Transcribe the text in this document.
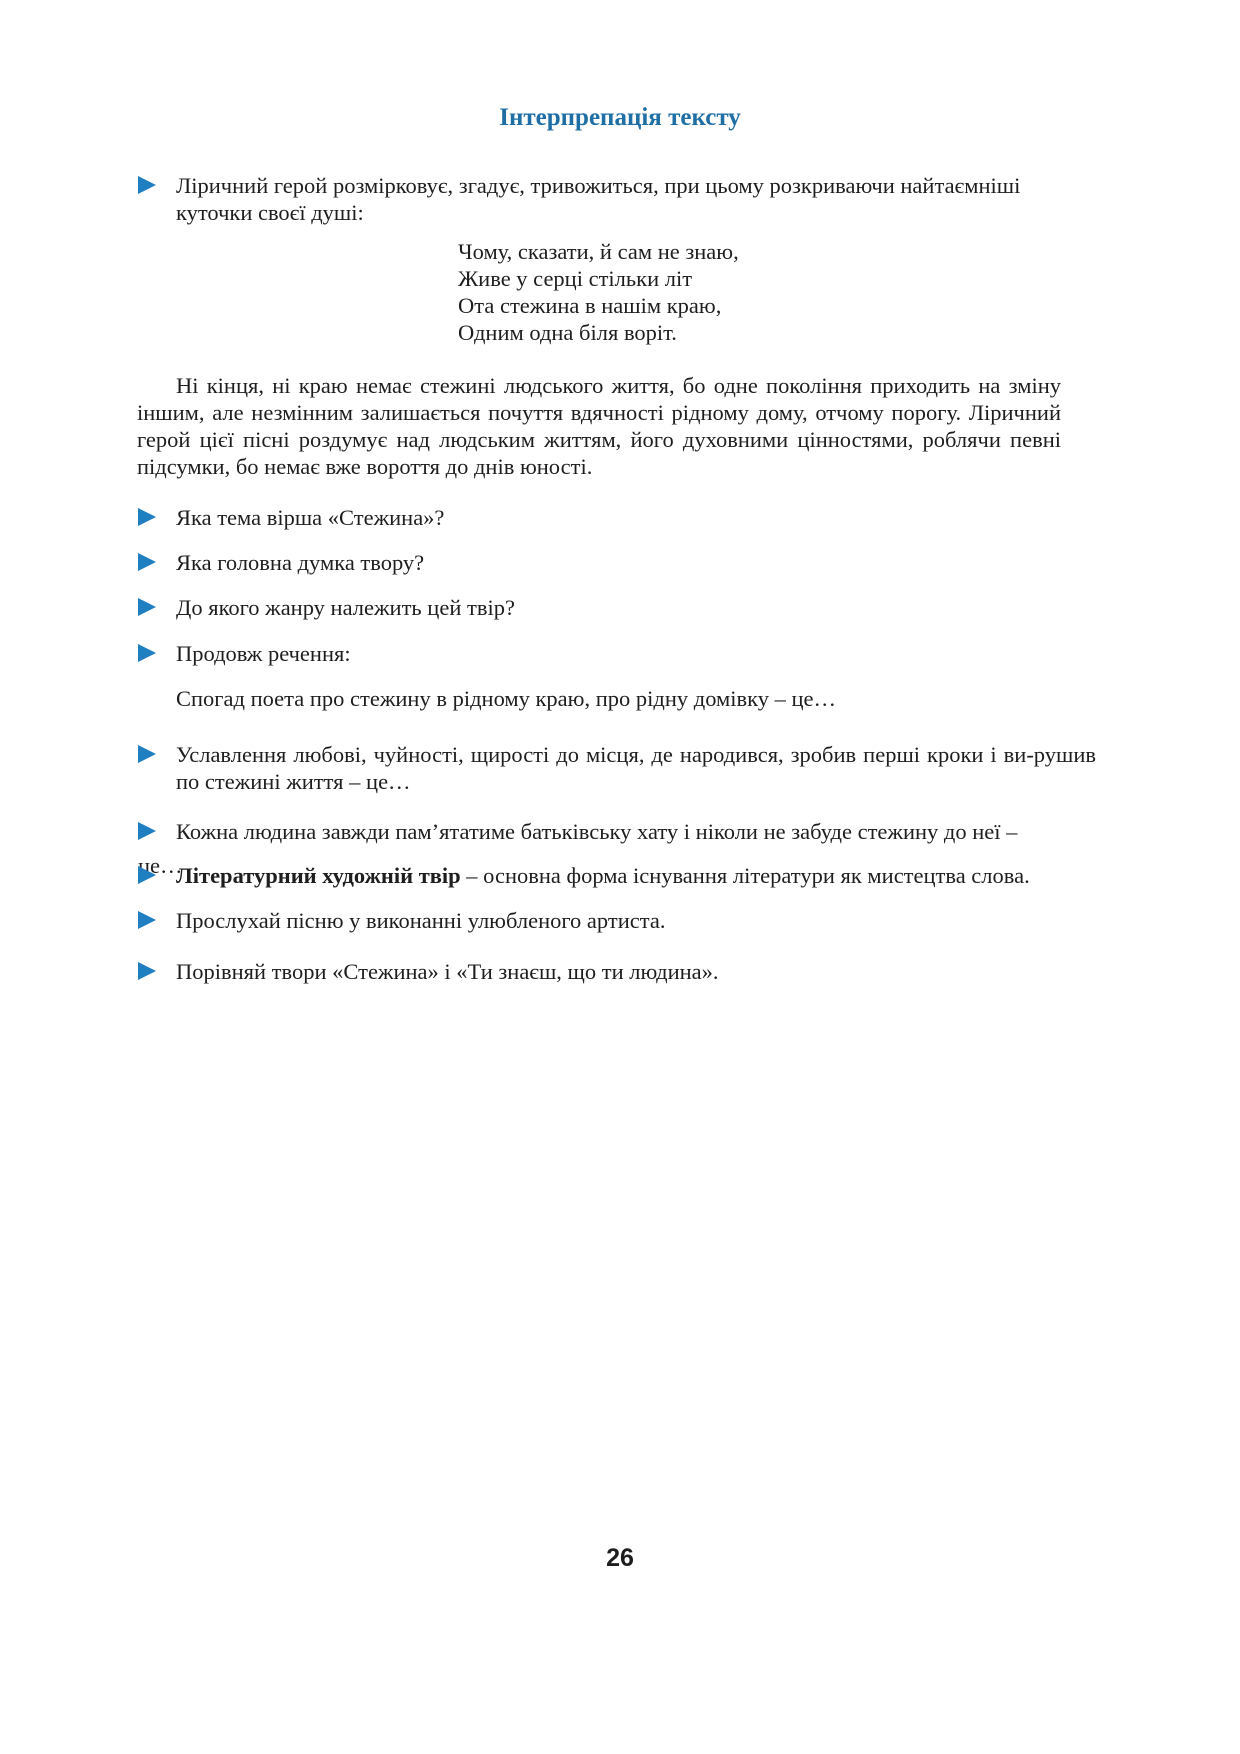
Інтерпрепація тексту
Ліричний герой розмірковує, згадує, тривожиться, при цьому розкриваючи найтаємніші куточки своєї душі:
Чому, сказати, й сам не знаю,
Живе у серці стільки літ
Ота стежина в нашім краю,
Одним одна біля воріт.

Ні кінця, ні краю немає стежині людського життя, бо одне покоління приходить на зміну іншим, але незмінним залишається почуття вдячності рідному дому, отчому порогу. Ліричний герой цієї пісні роздумує над людським життям, його духовними цінностями, роблячи певні підсумки, бо немає вже вороття до днів юності.

Яка тема вірша «Стежина»?
Яка головна думка твору?
До якого жанру належить цей твір?
Продовж речення:
Спогад поета про стежину в рідному краю, про рідну домівку – це…
Уславлення любові, чуйності, щирості до місця, де народився, зробив перші кроки і ви-рушив по стежині життя – це…
Кожна людина завжди пам’ятатиме батьківську хату і ніколи не забуде стежину до неї –
це…
Літературний художній твір – основна форма існування літератури як мистецтва слова.
Прослухай пісню у виконанні улюбленого артиста.
Порівняй твори «Стежина» і «Ти знаєш, що ти людина».
26
